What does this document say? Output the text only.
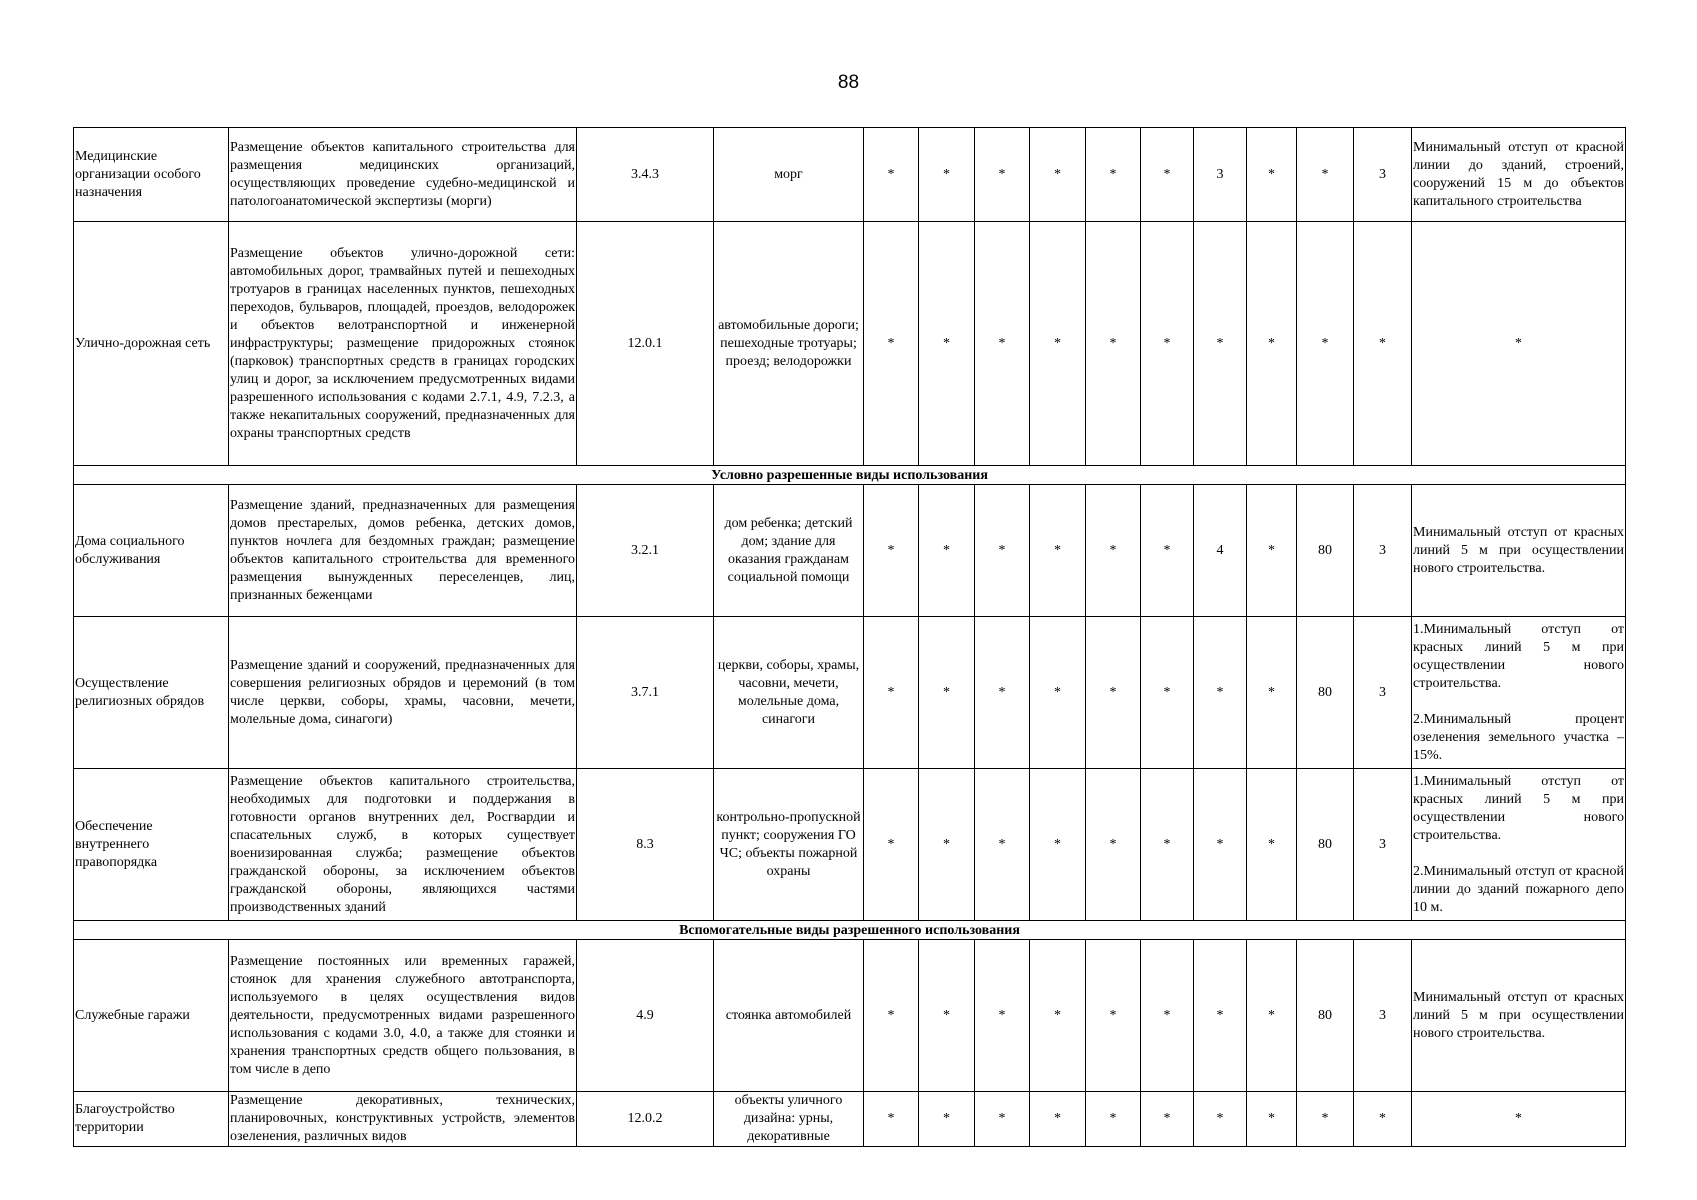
88
Медицинские организации особого назначения	Размещение объектов капитального строительства для размещения медицинских организаций, осуществляющих проведение судебно-медицинской и патологоанатомической экспертизы (морги)	3.4.3	морг	*	*	*	*	*	*	3	*	*	3	Минимальный отступ от красной линии до зданий, строений, сооружений 15 м до объектов капитального строительства

Улично-дорожная сеть	Размещение объектов улично-дорожной сети: автомобильных дорог, трамвайных путей и пешеходных тротуаров в границах населенных пунктов, пешеходных переходов, бульваров, площадей, проездов, велодорожек и объектов велотранспортной и инженерной инфраструктуры; размещение придорожных стоянок (парковок) транспортных средств в границах городских улиц и дорог, за исключением предусмотренных видами разрешенного использования с кодами 2.7.1, 4.9, 7.2.3, а также некапитальных сооружений, предназначенных для охраны транспортных средств	12.0.1	автомобильные дороги; пешеходные тротуары; проезд; велодорожки	*	*	*	*	*	*	*	*	*	*	*

Условно разрешенные виды использования														
Дома социального обслуживания	Размещение зданий, предназначенных для размещения домов престарелых, домов ребенка, детских домов, пунктов ночлега для бездомных граждан; размещение объектов капитального строительства для временного размещения вынужденных переселенцев, лиц, признанных беженцами	3.2.1	дом ребенка; детский дом; здание для оказания гражданам социальной помощи	*	*	*	*	*	*	4	*	80	3	Минимальный отступ от красных линий 5 м при осуществлении нового строительства.

Осуществление религиозных обрядов	Размещение зданий и сооружений, предназначенных для совершения религиозных обрядов и церемоний (в том числе церкви, соборы, храмы, часовни, мечети, молельные дома, синагоги)	3.7.1	церкви, соборы, храмы, часовни, мечети, молельные дома, синагоги	*	*	*	*	*	*	*	*	80	3	1.Минимальный отступ от красных линий 5 м при осуществлении нового строительства.
2.Минимальный процент озеленения земельного участка – 15%.

Обеспечение внутреннего правопорядка	Размещение объектов капитального строительства, необходимых для подготовки и поддержания в готовности органов внутренних дел, Росгвардии и спасательных служб, в которых существует военизированная служба; размещение объектов гражданской обороны, за исключением объектов гражданской обороны, являющихся частями производственных зданий	8.3	контрольно-пропускной пункт; сооружения ГО ЧС; объекты пожарной охраны	*	*	*	*	*	*	*	*	80	3	1.Минимальный отступ от красных линий 5 м при осуществлении нового строительства.
2.Минимальный отступ от красной линии до зданий пожарного депо 10 м.

Вспомогательные виды разрешенного использования														
Служебные гаражи	Размещение постоянных или временных гаражей, стоянок для хранения служебного автотранспорта, используемого в целях осуществления видов деятельности, предусмотренных видами разрешенного использования с кодами 3.0, 4.0, а также для стоянки и хранения транспортных средств общего пользования, в том числе в депо	4.9	стоянка автомобилей	*	*	*	*	*	*	*	*	80	3	Минимальный отступ от красных линий 5 м при осуществлении нового строительства.

Благоустройство территории	Размещение декоративных, технических, планировочных, конструктивных устройств, элементов озеленения, различных видов	12.0.2	объекты уличного дизайна: урны, декоративные	*	*	*	*	*	*	*	*	*	*	*
